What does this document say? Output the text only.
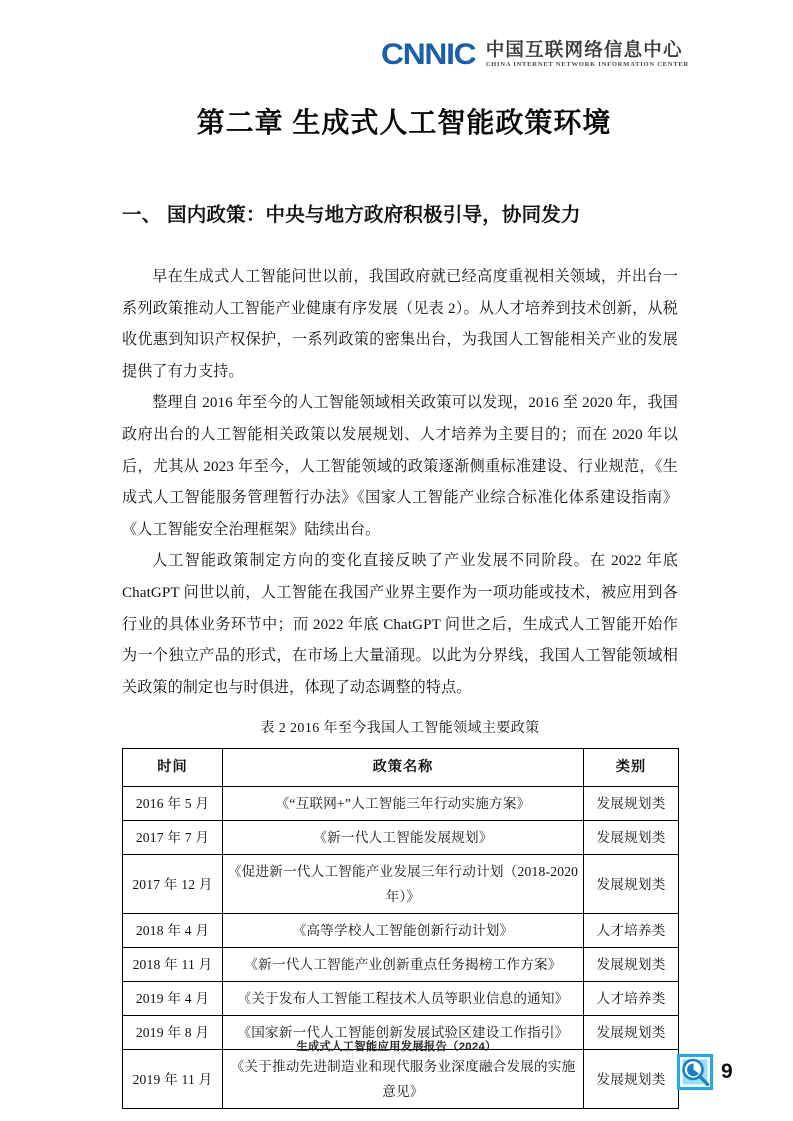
CNNIC 中国互联网络信息中心
CHINA INTERNET NETWORK INFORMATION CENTER
第二章 生成式人工智能政策环境
一、 国内政策：中央与地方政府积极引导，协同发力

早在生成式人工智能问世以前，我国政府就已经高度重视相关领域，并出台一系列政策推动人工智能产业健康有序发展（见表 2）。从人才培养到技术创新，从税收优惠到知识产权保护，一系列政策的密集出台，为我国人工智能相关产业的发展提供了有力支持。

整理自 2016 年至今的人工智能领域相关政策可以发现，2016 至 2020 年，我国政府出台的人工智能相关政策以发展规划、人才培养为主要目的；而在 2020 年以后，尤其从 2023 年至今，人工智能领域的政策逐渐侧重标准建设、行业规范，《生成式人工智能服务管理暂行办法》《国家人工智能产业综合标准化体系建设指南》《人工智能安全治理框架》陆续出台。

人工智能政策制定方向的变化直接反映了产业发展不同阶段。在 2022 年底 ChatGPT 问世以前，人工智能在我国产业界主要作为一项功能或技术，被应用到各行业的具体业务环节中；而 2022 年底 ChatGPT 问世之后，生成式人工智能开始作为一个独立产品的形式，在市场上大量涌现。以此为分界线，我国人工智能领域相关政策的制定也与时俱进，体现了动态调整的特点。

表 2 2016 年至今我国人工智能领域主要政策
时间	政策名称	类别
2016 年 5 月	《“互联网+”人工智能三年行动实施方案》	发展规划类
2017 年 7 月	《新一代人工智能发展规划》	发展规划类
2017 年 12 月	《促进新一代人工智能产业发展三年行动计划（2018-2020 年）》	发展规划类
2018 年 4 月	《高等学校人工智能创新行动计划》	人才培养类
2018 年 11 月	《新一代人工智能产业创新重点任务揭榜工作方案》	发展规划类
2019 年 4 月	《关于发布人工智能工程技术人员等职业信息的通知》	人才培养类
2019 年 8 月	《国家新一代人工智能创新发展试验区建设工作指引》	发展规划类
2019 年 11 月	《关于推动先进制造业和现代服务业深度融合发展的实施意见》	发展规划类
生成式人工智能应用发展报告（2024）
9
